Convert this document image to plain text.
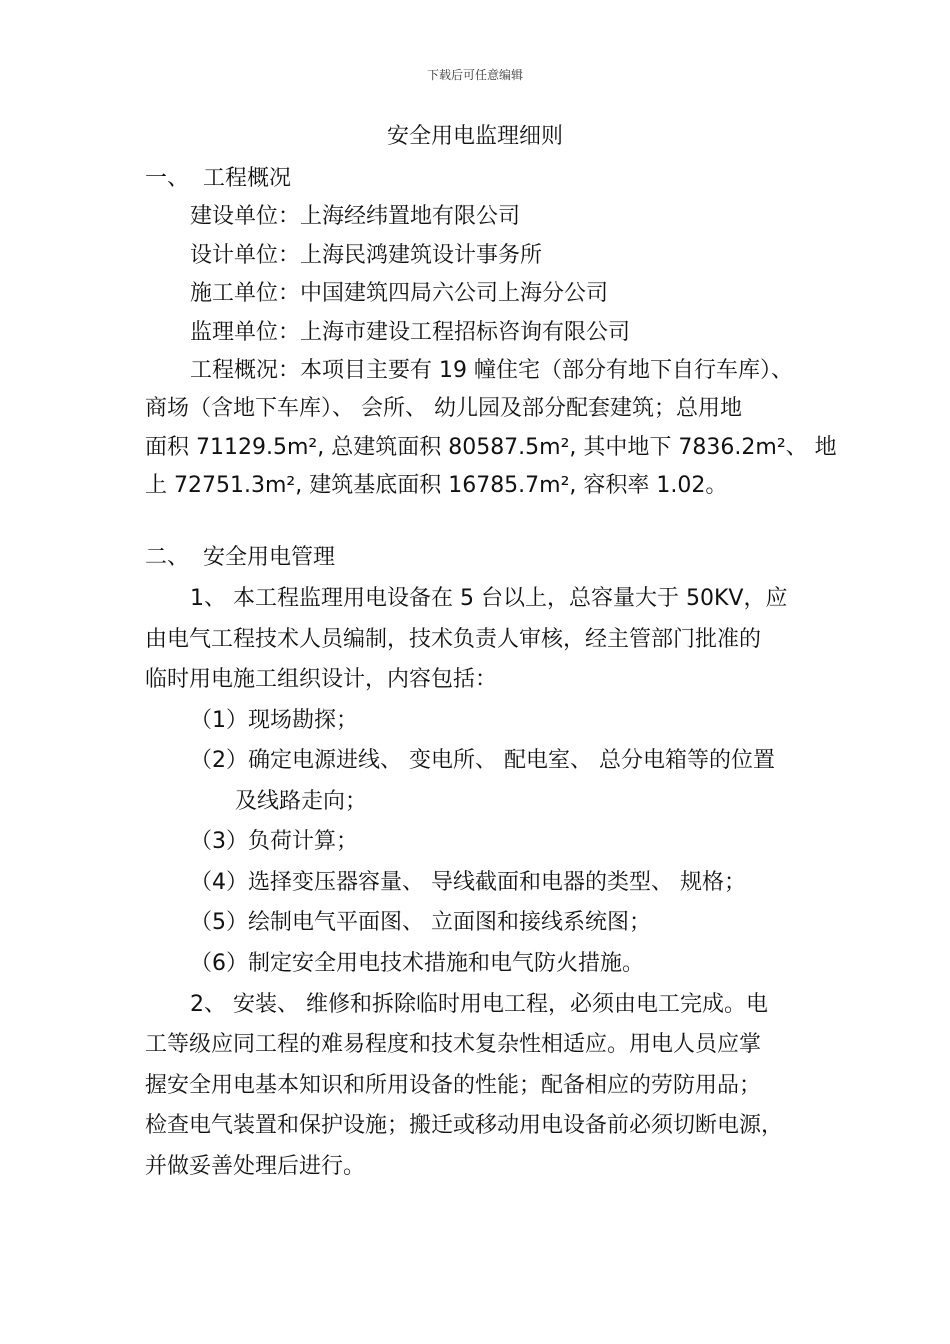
下载后可任意编辑
安全用电监理细则
一、 工程概况
建设单位：上海经纬置地有限公司
设计单位：上海民鸿建筑设计事务所
施工单位：中国建筑四局六公司上海分公司
监理单位：上海市建设工程招标咨询有限公司
工程概况：本项目主要有 19 幢住宅（部分有地下自行车库）、
商场（含地下车库）、 会所、 幼儿园及部分配套建筑；总用地
面积 71129.5m², 总建筑面积 80587.5m², 其中地下 7836.2m²、 地
上 72751.3m², 建筑基底面积 16785.7m², 容积率 1.02。
二、 安全用电管理
1、 本工程监理用电设备在 5 台以上，总容量大于 50KV，应
由电气工程技术人员编制，技术负责人审核，经主管部门批准的
临时用电施工组织设计，内容包括：
（1）现场勘探；
（2）确定电源进线、 变电所、 配电室、 总分电箱等的位置
及线路走向；
（3）负荷计算；
（4）选择变压器容量、 导线截面和电器的类型、 规格；
（5）绘制电气平面图、 立面图和接线系统图；
（6）制定安全用电技术措施和电气防火措施。
2、 安装、 维修和拆除临时用电工程，必须由电工完成。电
工等级应同工程的难易程度和技术复杂性相适应。用电人员应掌
握安全用电基本知识和所用设备的性能；配备相应的劳防用品；
检查电气装置和保护设施；搬迁或移动用电设备前必须切断电源，
并做妥善处理后进行。
